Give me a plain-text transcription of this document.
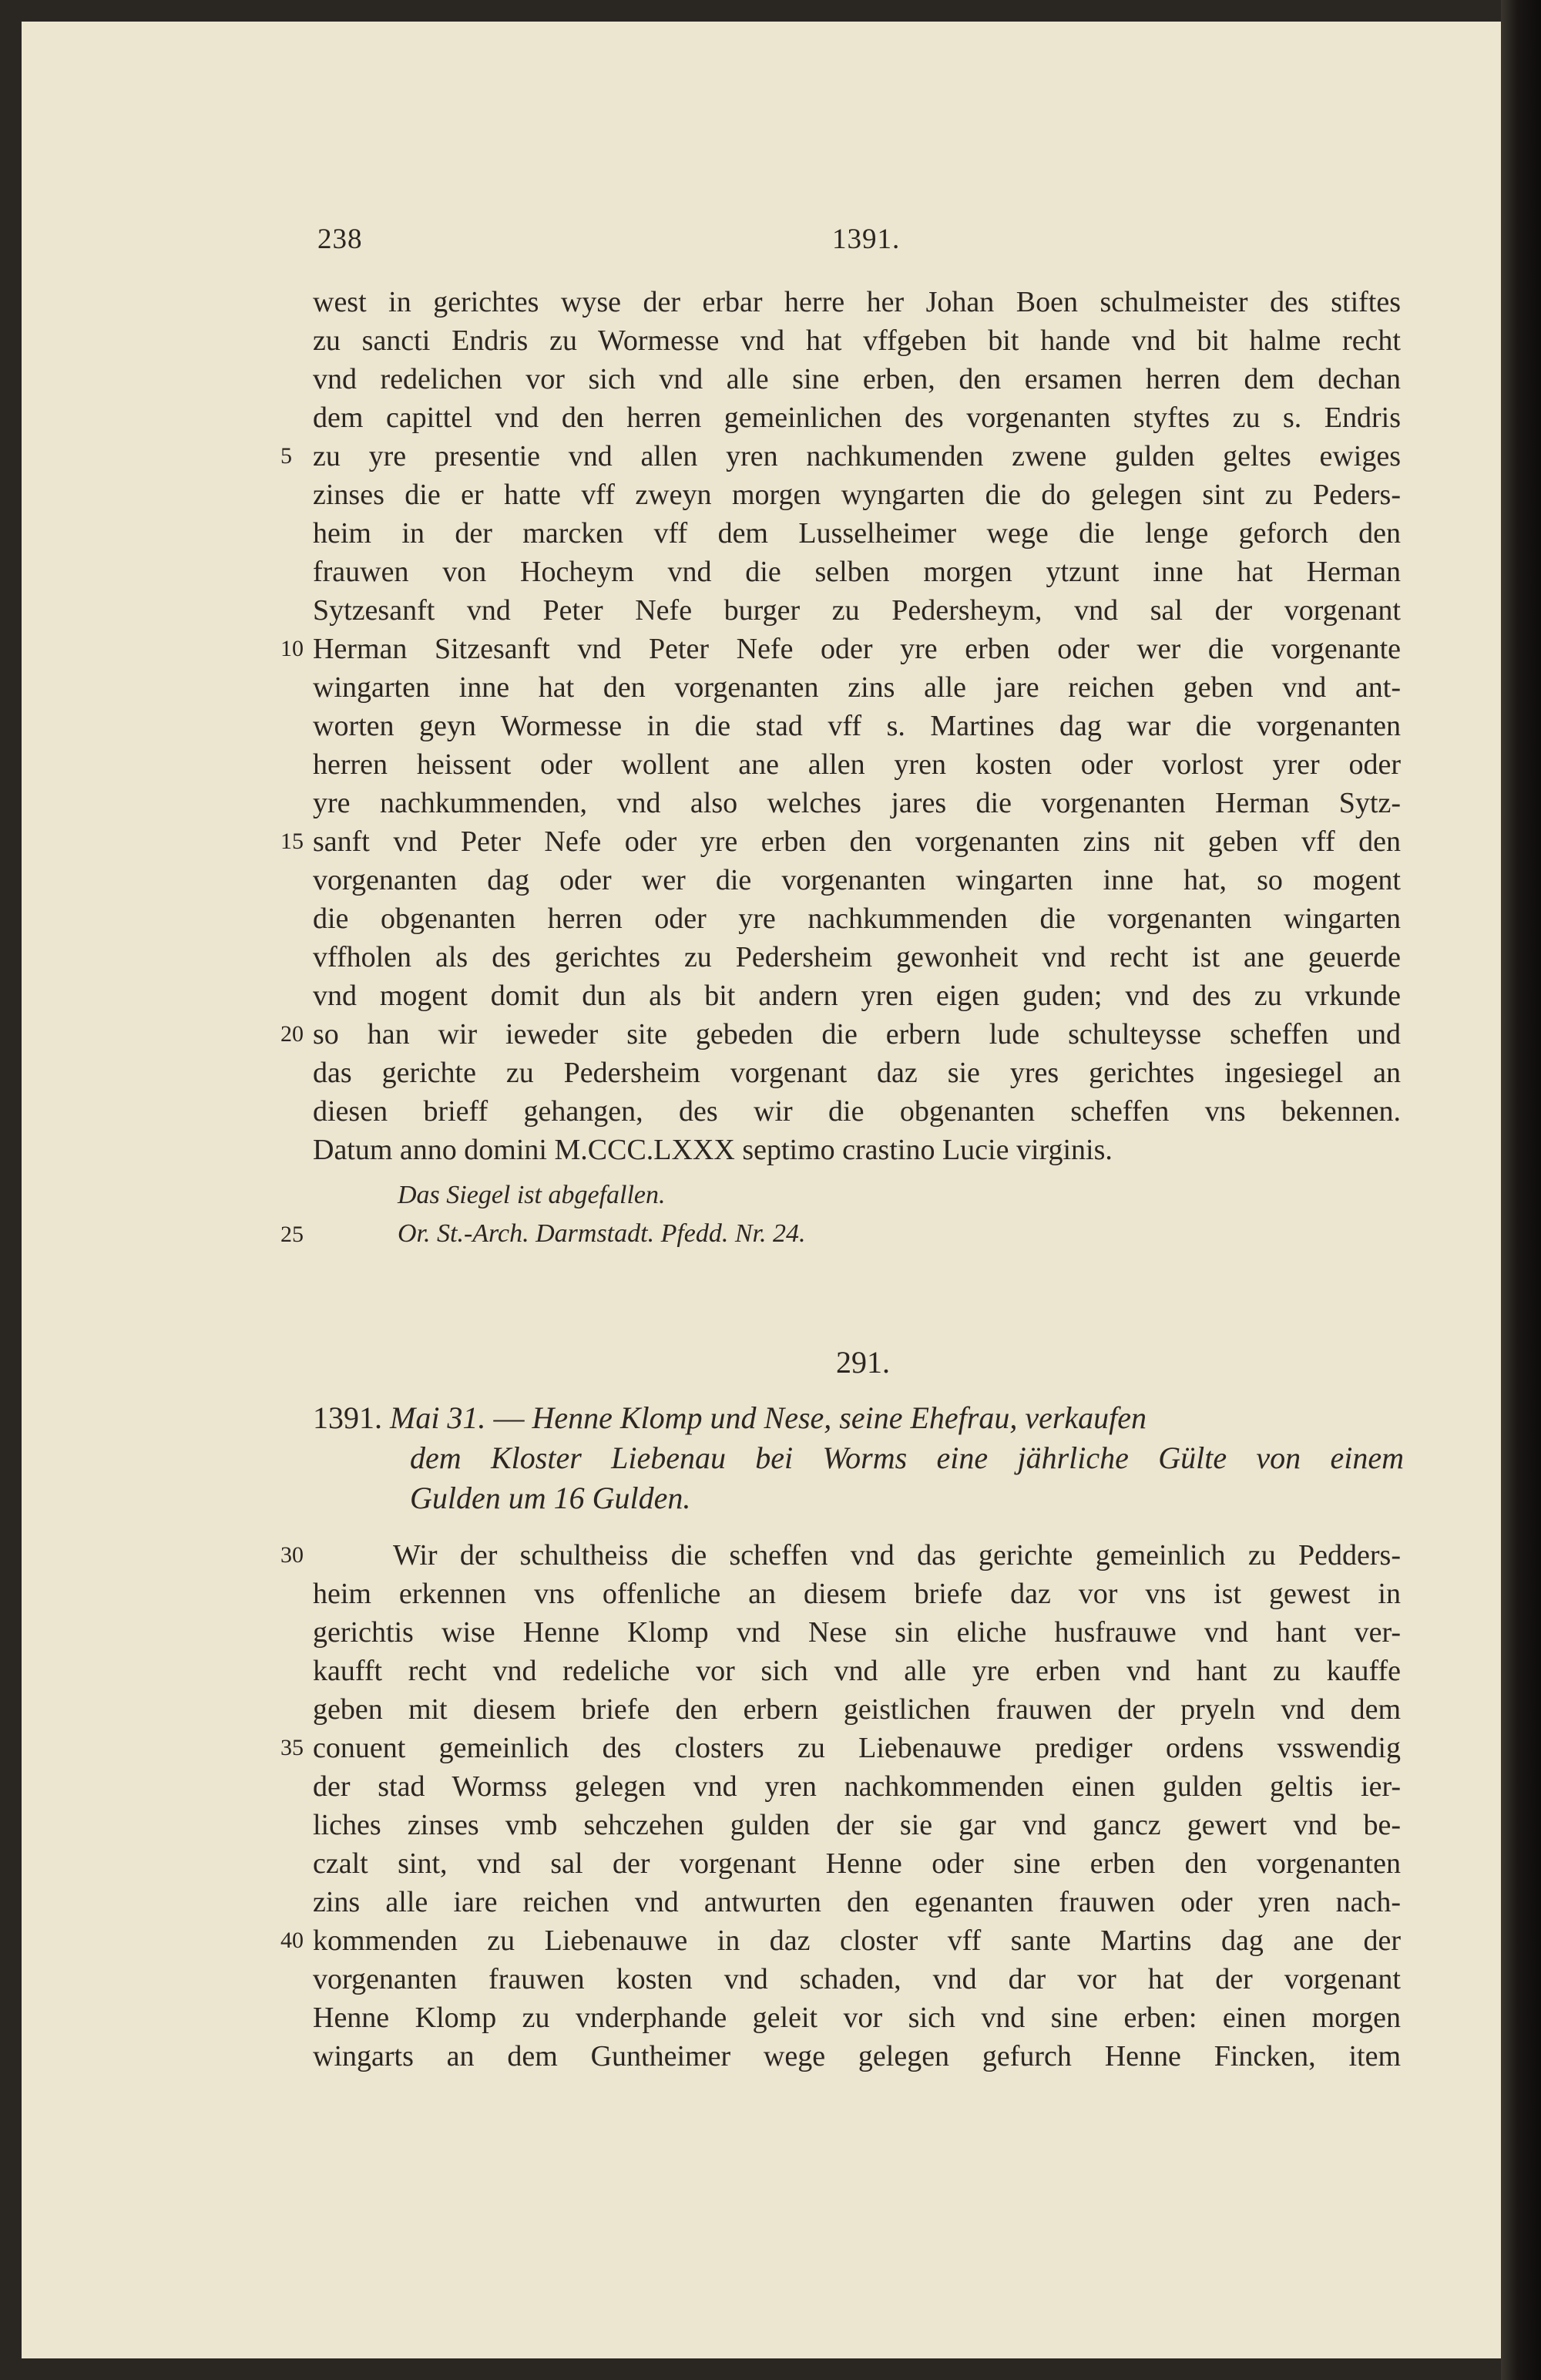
238	1391.
west in gerichtes wyse der erbar herre her Johan Boen schulmeister des stiftes
zu sancti Endris zu Wormesse vnd hat vffgeben bit hande vnd bit halme recht
vnd redelichen vor sich vnd alle sine erben, den ersamen herren dem dechan
dem capittel vnd den herren gemeinlichen des vorgenanten styftes zu s. Endris
zu yre presentie vnd allen yren nachkumenden zwene gulden geltes ewiges
zinses die er hatte vff zweyn morgen wyngarten die do gelegen sint zu Peders-
heim in der marcken vff dem Lusselheimer wege die lenge geforch den
frauwen von Hocheym vnd die selben morgen ytzunt inne hat Herman
Sytzesanft vnd Peter Nefe burger zu Pedersheym, vnd sal der vorgenant
Herman Sitzesanft vnd Peter Nefe oder yre erben oder wer die vorgenante
wingarten inne hat den vorgenanten zins alle jare reichen geben vnd ant-
worten geyn Wormesse in die stad vff s. Martines dag war die vorgenanten
herren heissent oder wollent ane allen yren kosten oder vorlost yrer oder
yre nachkummenden, vnd also welches jares die vorgenanten Herman Sytz-
sanft vnd Peter Nefe oder yre erben den vorgenanten zins nit geben vff den
vorgenanten dag oder wer die vorgenanten wingarten inne hat, so mogent
die obgenanten herren oder yre nachkummenden die vorgenanten wingarten
vffholen als des gerichtes zu Pedersheim gewonheit vnd recht ist ane geuerde
vnd mogent domit dun als bit andern yren eigen guden; vnd des zu vrkunde
so han wir ieweder site gebeden die erbern lude schulteysse scheffen und
das gerichte zu Pedersheim vorgenant daz sie yres gerichtes ingesiegel an
diesen brieff gehangen, des wir die obgenanten scheffen vns bekennen.
Datum anno domini M.CCC.LXXX septimo crastino Lucie virginis.
5
10
15
20
25
Das Siegel ist abgefallen.
Or. St.-Arch. Darmstadt. Pfedd. Nr. 24.
291.
1391. Mai 31. — Henne Klomp und Nese, seine Ehefrau, verkaufen
dem Kloster Liebenau bei Worms eine jährliche Gülte von einem
Gulden um 16 Gulden.
Wir der schultheiss die scheffen vnd das gerichte gemeinlich zu Pedders-
heim erkennen vns offenliche an diesem briefe daz vor vns ist gewest in
gerichtis wise Henne Klomp vnd Nese sin eliche husfrauwe vnd hant ver-
kaufft recht vnd redeliche vor sich vnd alle yre erben vnd hant zu kauffe
geben mit diesem briefe den erbern geistlichen frauwen der pryeln vnd dem
conuent gemeinlich des closters zu Liebenauwe prediger ordens vsswendig
der stad Wormss gelegen vnd yren nachkommenden einen gulden geltis ier-
liches zinses vmb sehczehen gulden der sie gar vnd gancz gewert vnd be-
czalt sint, vnd sal der vorgenant Henne oder sine erben den vorgenanten
zins alle iare reichen vnd antwurten den egenanten frauwen oder yren nach-
kommenden zu Liebenauwe in daz closter vff sante Martins dag ane der
vorgenanten frauwen kosten vnd schaden, vnd dar vor hat der vorgenant
Henne Klomp zu vnderphande geleit vor sich vnd sine erben: einen morgen
wingarts an dem Guntheimer wege gelegen gefurch Henne Fincken, item
30
35
40
